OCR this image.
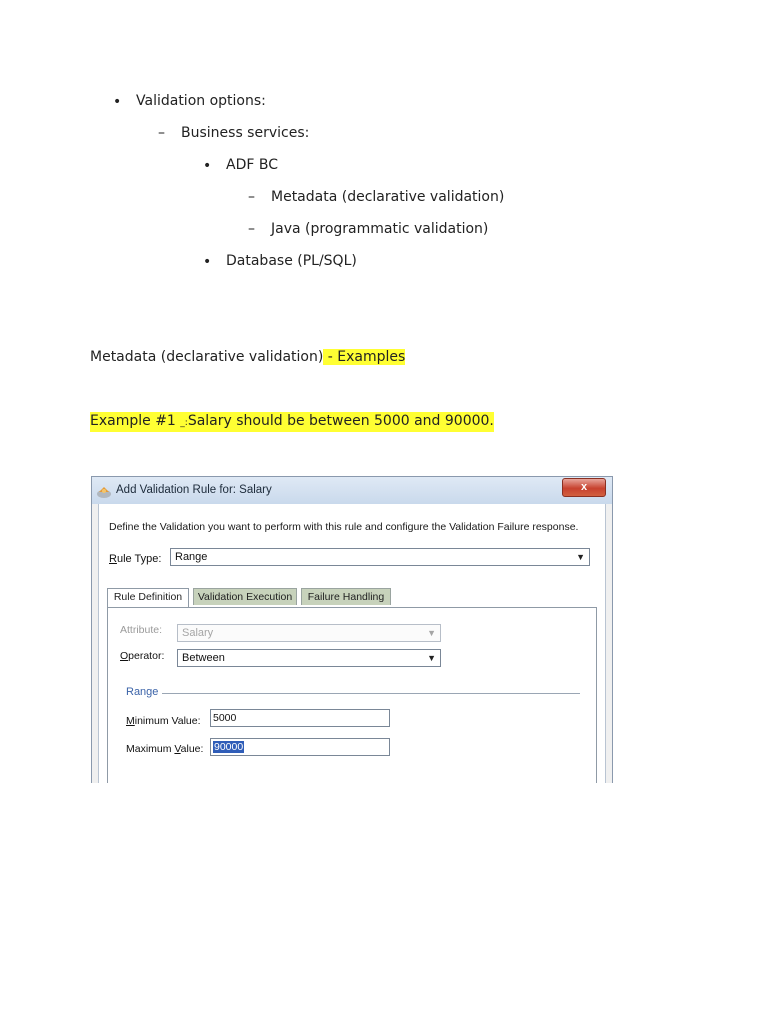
•	Validation options:
–	Business services:
•	ADF BC
–	Metadata (declarative validation)
–	Java (programmatic validation)
•	Database (PL/SQL)
Metadata (declarative validation) - Examples
Example #1 _:Salary should be between 5000 and 90000.
Add Validation Rule for: Salary	x
Define the Validation you want to perform with this rule and configure the Validation Failure response.
Rule Type:	Range	▼
Rule Definition	Validation Execution	Failure Handling
Attribute:	Salary	▼
Operator:	Between	▼
Range
Minimum Value: 5000
Maximum Value:	90000
